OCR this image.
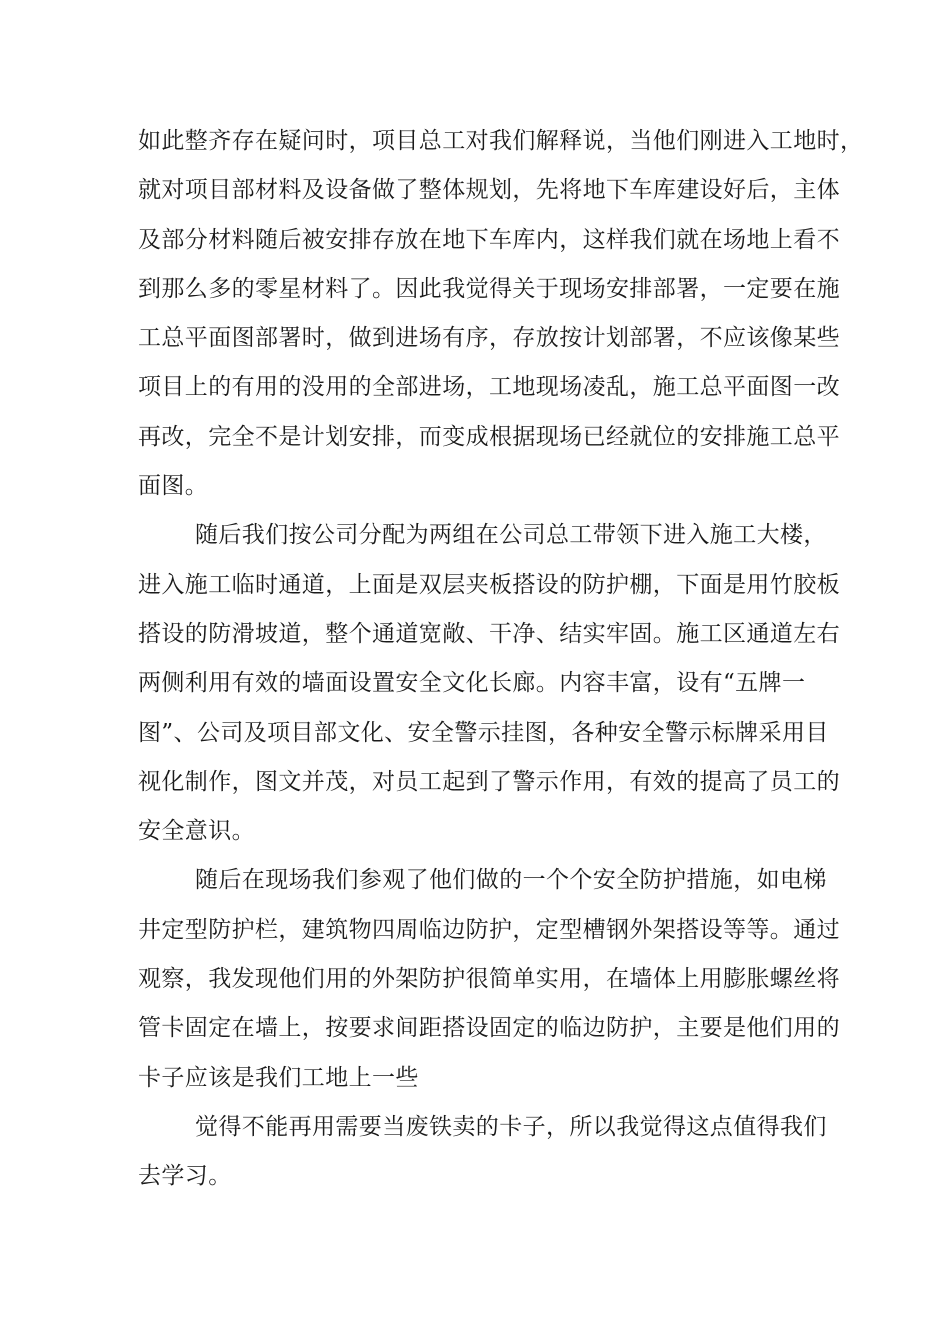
如此整齐存在疑问时，项目总工对我们解释说，当他们刚进入工地时，
就对项目部材料及设备做了整体规划，先将地下车库建设好后，主体
及部分材料随后被安排存放在地下车库内，这样我们就在场地上看不
到那么多的零星材料了。因此我觉得关于现场安排部署，一定要在施
工总平面图部署时，做到进场有序，存放按计划部署，不应该像某些
项目上的有用的没用的全部进场，工地现场凌乱，施工总平面图一改
再改，完全不是计划安排，而变成根据现场已经就位的安排施工总平
面图。
随后我们按公司分配为两组在公司总工带领下进入施工大楼，
进入施工临时通道，上面是双层夹板搭设的防护棚，下面是用竹胶板
搭设的防滑坡道，整个通道宽敞、干净、结实牢固。施工区通道左右
两侧利用有效的墙面设置安全文化长廊。内容丰富，设有“五牌一
图”、公司及项目部文化、安全警示挂图，各种安全警示标牌采用目
视化制作，图文并茂，对员工起到了警示作用，有效的提高了员工的
安全意识。
随后在现场我们参观了他们做的一个个安全防护措施，如电梯
井定型防护栏，建筑物四周临边防护，定型槽钢外架搭设等等。通过
观察，我发现他们用的外架防护很简单实用，在墙体上用膨胀螺丝将
管卡固定在墙上，按要求间距搭设固定的临边防护，主要是他们用的
卡子应该是我们工地上一些
觉得不能再用需要当废铁卖的卡子，所以我觉得这点值得我们
去学习。
